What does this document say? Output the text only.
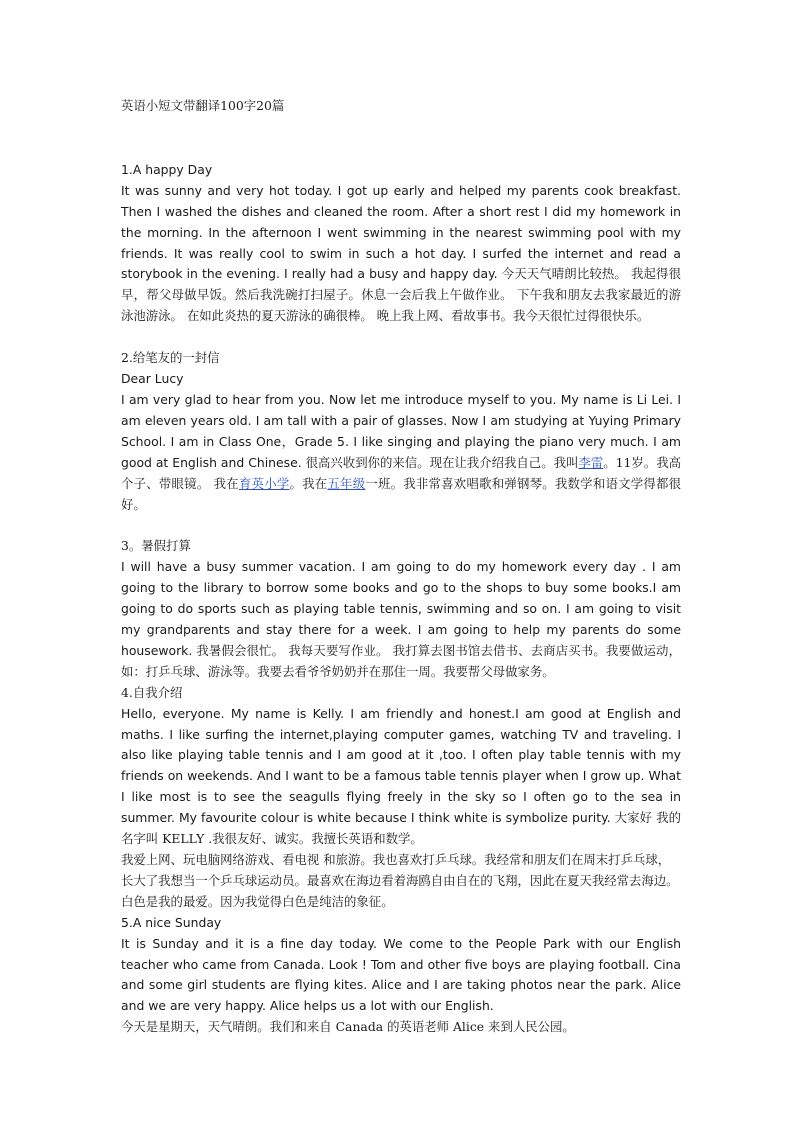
英语小短文带翻译100字20篇

1.A happy Day

It was sunny and very hot today. I got up early and helped my parents cook breakfast. Then I washed the dishes and cleaned the room. After a short rest I did my homework in the morning. In the afternoon I went swimming in the nearest swimming pool with my friends. It was really cool to swim in such a hot day. I surfed the internet and read a storybook in the evening. I really had a busy and happy day. 今天天气晴朗比较热。 我起得很早，帮父母做早饭。然后我洗碗打扫屋子。休息一会后我上午做作业。 下午我和朋友去我家最近的游泳池游泳。 在如此炎热的夏天游泳的确很棒。 晚上我上网、看故事书。我今天很忙过得很快乐。

2.给笔友的一封信

Dear Lucy

I am very glad to hear from you. Now let me introduce myself to you. My name is Li Lei. I am eleven years old. I am tall with a pair of glasses. Now I am studying at Yuying Primary School. I am in Class One，Grade 5. I like singing and playing the piano very much. I am good at English and Chinese. 很高兴收到你的来信。现在让我介绍我自己。我叫李雷。11岁。我高个子、带眼镜。 我在育英小学。我在五年级一班。我非常喜欢唱歌和弹钢琴。我数学和语文学得都很好。

3。暑假打算

I will have a busy summer vacation. I am going to do my homework every day . I am going to the library to borrow some books and go to the shops to buy some books.I am going to do sports such as playing table tennis, swimming and so on. I am going to visit my grandparents and stay there for a week. I am going to help my parents do some housework. 我暑假会很忙。 我每天要写作业。 我打算去图书馆去借书、去商店买书。我要做运动，如：打乒乓球、游泳等。我要去看爷爷奶奶并在那住一周。我要帮父母做家务。

4.自我介绍

Hello, everyone. My name is Kelly. I am friendly and honest.I am good at English and maths. I like surfing the internet,playing computer games, watching TV and traveling. I also like playing table tennis and I am good at it ,too. I often play table tennis with my friends on weekends. And I want to be a famous table tennis player when I grow up. What I like most is to see the seagulls flying freely in the sky so I often go to the sea in summer. My favourite colour is white because I think white is symbolize purity. 大家好 我的名字叫 KELLY .我很友好、诚实。我擅长英语和数学。

我爱上网、玩电脑网络游戏、看电视 和旅游。我也喜欢打乒乓球。我经常和朋友们在周末打乒乓球，长大了我想当一个乒乓球运动员。最喜欢在海边看着海鸥自由自在的飞翔，因此在夏天我经常去海边。白色是我的最爱。因为我觉得白色是纯洁的象征。

5.A nice Sunday

It is Sunday and it is a fine day today. We come to the People Park with our English teacher who came from Canada. Look ! Tom and other five boys are playing football. Cina and some girl students are flying kites. Alice and I are taking photos near the park. Alice and we are very happy. Alice helps us a lot with our English.

今天是星期天，天气晴朗。我们和来自 Canada 的英语老师 Alice 来到人民公园。
